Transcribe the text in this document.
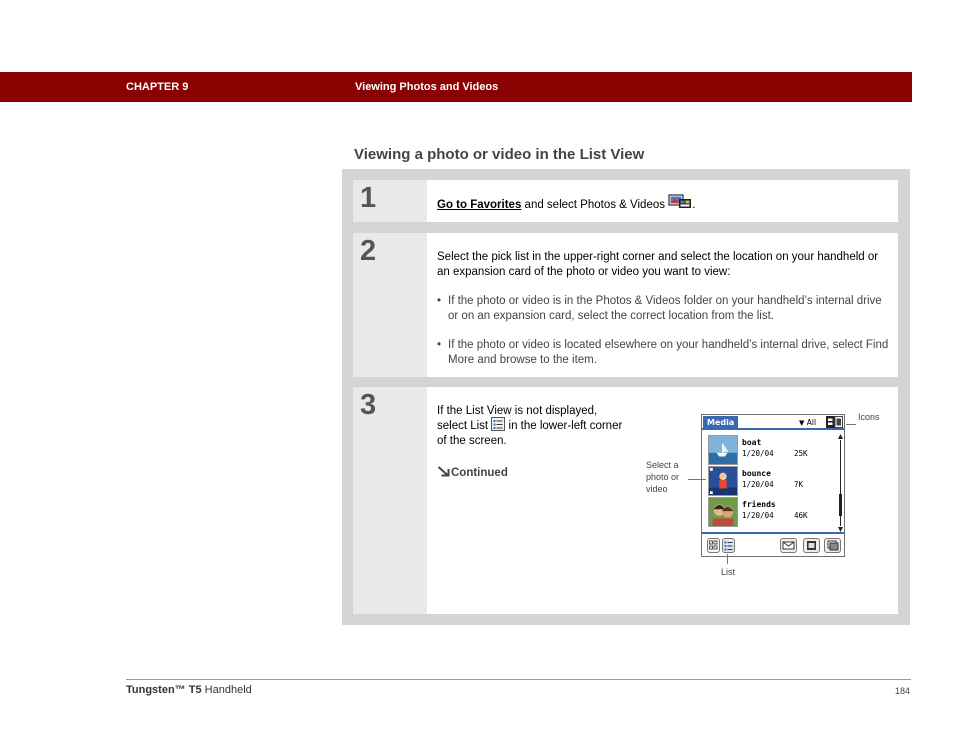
CHAPTER 9	Viewing Photos and Videos
Viewing a photo or video in the List View
1	Go to Favorites and select Photos & Videos .
2	Select the pick list in the upper-right corner and select the location on your handheld or an expansion card of the photo or video you want to view:

• If the photo or video is in the Photos & Videos folder on your handheld’s internal drive or on an expansion card, select the correct location from the list.

• If the photo or video is located elsewhere on your handheld’s internal drive, select Find More and browse to the item.

3	If the List View is not displayed, select List  in the lower-left corner of the screen.
Continued
Media	▼ All
boat
1/20/04	25K
bounce
1/20/04	7K
friends
1/20/04	46K
Icons
Select a photo or video
List
Tungsten™ T5 Handheld	184
